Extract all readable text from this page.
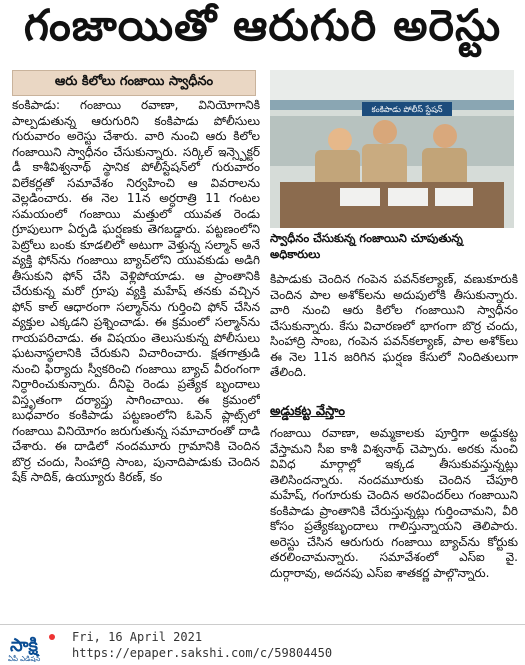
గంజాయితో ఆరుగురి అరెస్టు
ఆరు కిలోలు గంజాయి స్వాధీనం
కంకిపాడు పోలీస్ స్టేషన్
స్వాధీనం చేసుకున్న గంజాయిని చూపుతున్న అధికారులు

కంకిపాడు: గంజాయి రవాణా, వినియోగానికి పాల్పడుతున్న ఆరుగురిని కంకిపాడు పోలీసులు గురువారం అరెస్టు చేశారు. వారి నుంచి ఆరు కిలోల గంజాయిని స్వాధీనం చేసుకున్నారు. సర్కిల్ ఇన్స్పెక్టర్ డీ కాశీవిశ్వనాథ్ స్థానిక పోలీస్టేషన్‌లో గురువారం విలేకర్లతో సమావేశం నిర్వహించి ఆ వివరాలను వెల్లడించారు. ఈ నెల 11న అర్ధరాత్రి 11 గంటల సమయంలో గంజాయి మత్తులో యువత రెండు గ్రూపులుగా ఏర్పడి ఘర్షణకు తెగబడ్డారు. పట్టణంలోని పెట్రోలు బంకు కూడలిలో అటుగా వెళ్తున్న సల్మాన్ అనే వ్యక్తి ఫోన్‌ను గంజాయి బ్యాచ్‌లోని యువకుడు అడిగి తీసుకుని ఫోన్ చేసి వెళ్లిపోయాడు. ఆ ప్రాంతానికి చేరుకున్న మరో గ్రూపు వ్యక్తి మహేష్ తనకు వచ్చిన ఫోన్ కాల్ ఆధారంగా సల్మాన్‌ను గుర్తించి ఫోన్ చేసిన వ్యక్తుల ఎక్కడని ప్రశ్నించాడు. ఈ క్రమంలో సల్మాన్‌ను గాయపరిచాడు. ఈ విషయం తెలుసుకున్న పోలీసులు ఘటనాస్థలానికి చేరుకుని విచారించారు. క్షతగాత్రుడి నుంచి ఫిర్యాదు స్వీకరించి గంజాయి బ్యాచ్ వీరంగంగా నిర్ధారించుకున్నారు. దీనిపై రెండు ప్రత్యేక బృందాలు విస్తృతంగా దర్యాప్తు సాగించాయి. ఈ క్రమంలో బుధవారం కంకిపాడు పట్టణంలోని ఓపెన్ ప్లాట్స్‌లో గంజాయి వినియోగం జరుగుతున్న సమాచారంతో దాడి చేశారు. ఈ దాడిలో నందమూరు గ్రామానికి చెందిన బొర్ర చందు, సింహాద్రి సాంబ, పునాదిపాడుకు చెందిన షేక్ సాదిక్, ఉయ్యూరు కిరణ్, కం

కిపాడుకు చెందిన గంపెన పవన్‌కల్యాణ్, వణుకూరుకి చెందిన పాల అశోక్‌లను అదుపులోకి తీసుకున్నారు. వారి నుంచి ఆరు కిలోల గంజాయిని స్వాధీనం చేసుకున్నారు. కేసు విచారణలో భాగంగా బొర్ర చందు, సింహాద్రి సాంబ, గంపెన పవన్‌కల్యాణ్, పాల అశోక్‌లు ఈ నెల 11న జరిగిన ఘర్షణ కేసులో నిందితులుగా తేలింది.

అడ్డుకట్ట వేస్తాం

గంజాయి రవాణా, అమ్మకాలకు పూర్తిగా అడ్డుకట్ట వేస్తామని సీఐ కాశీ విశ్వనాథ్ చెప్పారు. అరకు నుంచి వివిధ మార్గాల్లో ఇక్కడ తీసుకువస్తున్నట్లు తెలిసిందన్నారు. నందమూరుకు చెందిన చేపూరి మహేష్, గంగూరుకు చెందిన అరవిందర్‌లు గంజాయిని కంకిపాడు ప్రాంతానికి చేరుస్తున్నట్లు గుర్తించామని, వీరి కోసం ప్రత్యేకబృందాలు గాలిస్తున్నాయని తెలిపారు. అరెస్టు చేసిన ఆరుగురు గంజాయి బ్యాచ్‌ను కోర్టుకు తరలించామన్నారు. సమావేశంలో ఎస్ఐ వై. దుర్గారావు, అదనపు ఎస్ఐ శాతకర్ణ పాల్గొన్నారు.

సాక్షి
ఏపీ ఎడిషన్
Fri, 16 April 2021
https://epaper.sakshi.com/c/59804450
